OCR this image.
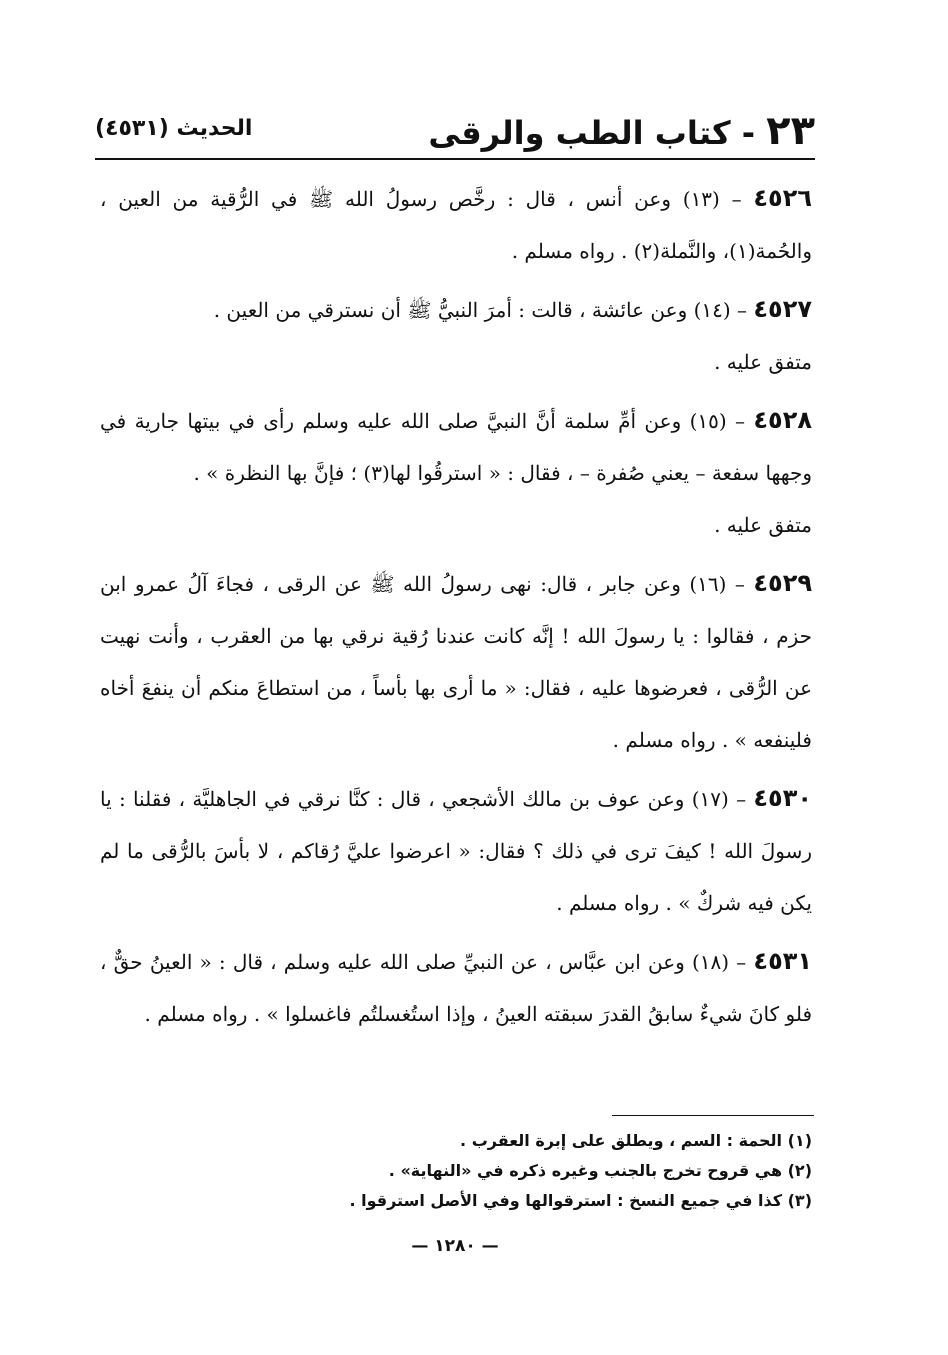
٢٣ - كتاب الطب والرقى
الحديث (٤٥٣١)

٤٥٢٦ – (١٣) وعن أنس ، قال : رخَّص رسولُ الله ﷺ في الرُّقية من العين ، والحُمة(١)، والنَّملة(٢) . رواه مسلم .

٤٥٢٧ – (١٤) وعن عائشة ، قالت : أمرَ النبيُّ ﷺ أن نسترقي من العين .
متفق عليه .

٤٥٢٨ – (١٥) وعن أمِّ سلمة أنَّ النبيَّ صلى الله عليه وسلم رأى في بيتها جارية في وجهها سفعة – يعني صُفرة – ، فقال : « استرقُوا لها(٣) ؛ فإنَّ بها النظرة » .
متفق عليه .

٤٥٢٩ – (١٦) وعن جابر ، قال: نهى رسولُ الله ﷺ عن الرقى ، فجاءَ آلُ عمرو ابن حزم ، فقالوا : يا رسولَ الله ! إنَّه كانت عندنا رُقية نرقي بها من العقرب ، وأنت نهيت عن الرُّقى ، فعرضوها عليه ، فقال: « ما أرى بها بأساً ، من استطاعَ منكم أن ينفعَ أخاه فلينفعه » . رواه مسلم .

٤٥٣٠ – (١٧) وعن عوف بن مالك الأشجعي ، قال : كنَّا نرقي في الجاهليَّة ، فقلنا : يا رسولَ الله ! كيفَ ترى في ذلك ؟ فقال: « اعرضوا عليَّ رُقاكم ، لا بأسَ بالرُّقى ما لم يكن فيه شركٌ » . رواه مسلم .

٤٥٣١ – (١٨) وعن ابن عبَّاس ، عن النبيِّ صلى الله عليه وسلم ، قال : « العينُ حقٌّ ، فلو كانَ شيءٌ سابقُ القدرَ سبقته العينُ ، وإذا استُغسلتُم فاغسلوا » . رواه مسلم .

(١) الحمة : السم ، ويطلق على إبرة العقرب .
(٢) هي قروح تخرج بالجنب وغيره ذكره في «النهاية» .
(٣) كذا في جميع النسخ : استرقوالها وفي الأصل استرقوا .
— ١٢٨٠ —
